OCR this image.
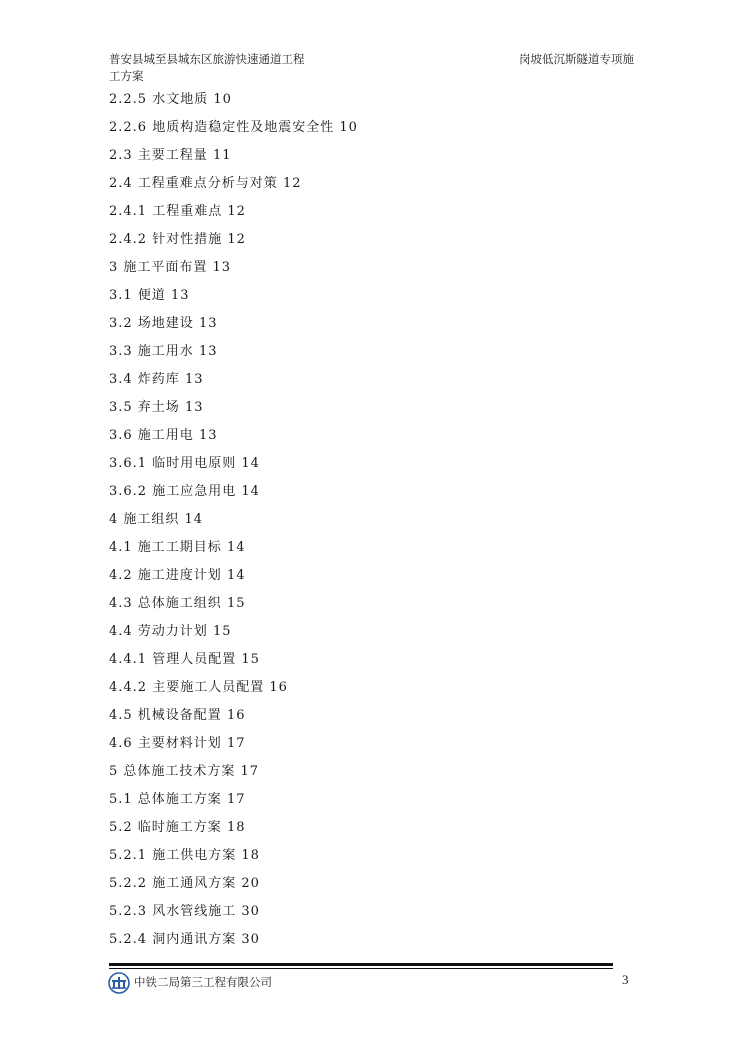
普安县城至县城东区旅游快速通道工程
工方案
岗坡低沉斯隧道专项施
2.2.5 水文地质 10
2.2.6 地质构造稳定性及地震安全性 10
2.3 主要工程量 11
2.4 工程重难点分析与对策 12
2.4.1 工程重难点 12
2.4.2 针对性措施 12
3 施工平面布置 13
3.1 便道 13
3.2 场地建设 13
3.3 施工用水 13
3.4 炸药库 13
3.5 弃土场 13
3.6 施工用电 13
3.6.1 临时用电原则 14
3.6.2 施工应急用电 14
4 施工组织 14
4.1 施工工期目标 14
4.2 施工进度计划 14
4.3 总体施工组织 15
4.4 劳动力计划 15
4.4.1 管理人员配置 15
4.4.2 主要施工人员配置 16
4.5 机械设备配置 16
4.6 主要材料计划 17
5 总体施工技术方案 17
5.1 总体施工方案 17
5.2 临时施工方案 18
5.2.1 施工供电方案 18
5.2.2 施工通风方案 20
5.2.3 风水管线施工 30
5.2.4 洞内通讯方案 30
中铁二局第三工程有限公司	3
